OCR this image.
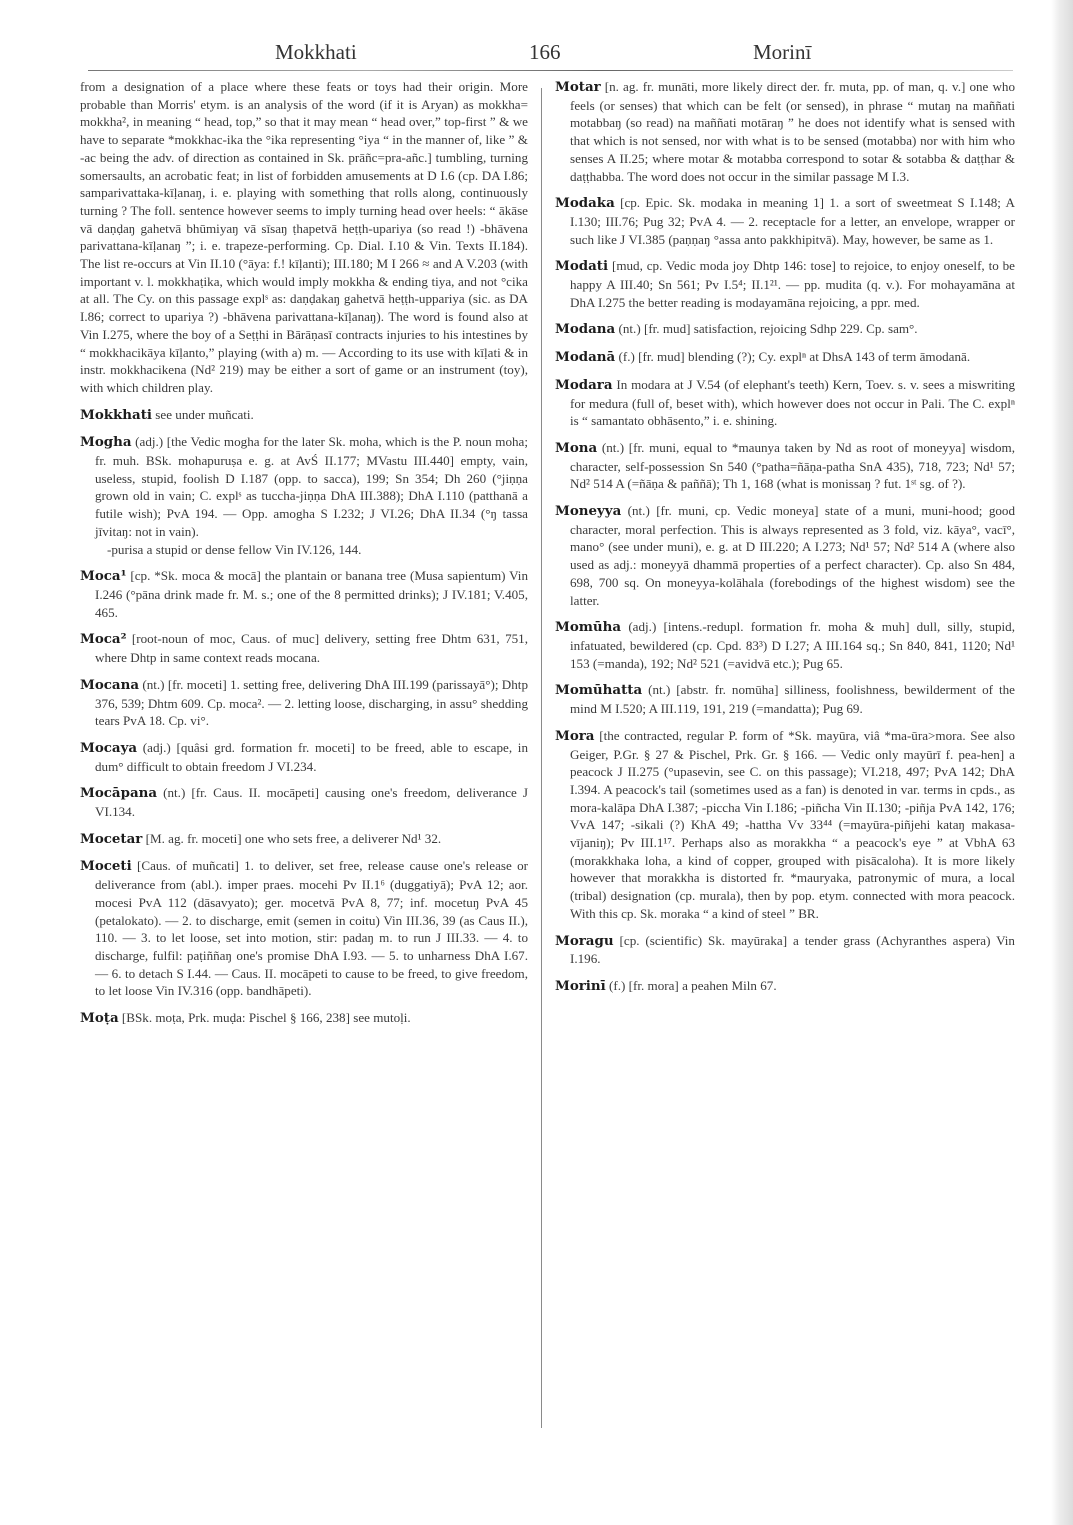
Mokkhati	166	Morinī

from a designation of a place where these feats or toys had their origin. More probable than Morris' etym. is an analysis of the word (if it is Aryan) as mokkha= mokkha², in meaning “ head, top,” so that it may mean “ head over,” top-first ” & we have to separate *mokkhac-ika the °ika representing °iya “ in the manner of, like ” & -ac being the adv. of direction as contained in Sk. prāñc=pra-añc.] tumbling, turning somersaults, an acrobatic feat; in list of forbidden amusements at D I.6 (cp. DA I.86; samparivattaka-kīḷanaŋ, i. e. playing with something that rolls along, continuously turning ? The foll. sentence however seems to imply turning head over heels: “ ākāse vā daṇḍaŋ gahetvā bhūmiyaŋ vā sīsaŋ ṭhapetvā heṭṭh-upariya (so read !) -bhāvena parivattana-kīḷanaŋ ”; i. e. trapeze-performing. Cp. Dial. I.10 & Vin. Texts II.184). The list re-occurs at Vin II.10 (°āya: f.! kīḷanti); III.180; M I 266 ≈ and A V.203 (with important v. l. mokkhaṭika, which would imply mokkha & ending tiya, and not °cika at all. The Cy. on this passage explˢ as: daṇḍakaŋ gahetvā heṭṭh-uppariya (sic. as DA I.86; correct to upariya ?) -bhāvena parivattana-kīḷanaŋ). The word is found also at Vin I.275, where the boy of a Seṭṭhi in Bārāṇasī contracts injuries to his intestines by “ mokkhacikāya kīḷanto,” playing (with a) m. — According to its use with kīḷati & in instr. mokkhacikena (Nd² 219) may be either a sort of game or an instrument (toy), with which children play.

Mokkhati see under muñcati.

Mogha (adj.) [the Vedic mogha for the later Sk. moha, which is the P. noun moha; fr. muh. BSk. mohapuruṣa e. g. at AvŚ II.177; MVastu III.440] empty, vain, useless, stupid, foolish D I.187 (opp. to sacca), 199; Sn 354; Dh 260 (°jiṇṇa grown old in vain; C. explˢ as tuccha-jiṇṇa DhA III.388); DhA I.110 (patthanā a futile wish); PvA 194. — Opp. amogha S I.232; J VI.26; DhA II.34 (°ŋ tassa jīvitaŋ: not in vain).
-purisa a stupid or dense fellow Vin IV.126, 144.

Moca¹ [cp. *Sk. moca & mocā] the plantain or banana tree (Musa sapientum) Vin I.246 (°pāna drink made fr. M. s.; one of the 8 permitted drinks); J IV.181; V.405, 465.

Moca² [root-noun of moc, Caus. of muc] delivery, setting free Dhtm 631, 751, where Dhtp in same context reads mocana.

Mocana (nt.) [fr. moceti] 1. setting free, delivering DhA III.199 (parissayā°); Dhtp 376, 539; Dhtm 609. Cp. moca². — 2. letting loose, discharging, in assu° shedding tears PvA 18. Cp. vi°.

Mocaya (adj.) [quâsi grd. formation fr. moceti] to be freed, able to escape, in dum° difficult to obtain freedom J VI.234.

Mocāpana (nt.) [fr. Caus. II. mocāpeti] causing one's freedom, deliverance J VI.134.

Mocetar [M. ag. fr. moceti] one who sets free, a deliverer Nd¹ 32.

Moceti [Caus. of muñcati] 1. to deliver, set free, release cause one's release or deliverance from (abl.). imper praes. mocehi Pv II.1⁶ (duggatiyā); PvA 12; aor. mocesi PvA 112 (dāsavyato); ger. mocetvā PvA 8, 77; inf. mocetuŋ PvA 45 (petalokato). — 2. to discharge, emit (semen in coitu) Vin III.36, 39 (as Caus II.), 110. — 3. to let loose, set into motion, stir: padaŋ m. to run J III.33. — 4. to discharge, fulfil: paṭiññaŋ one's promise DhA I.93. — 5. to unharness DhA I.67. — 6. to detach S I.44. — Caus. II. mocāpeti to cause to be freed, to give freedom, to let loose Vin IV.316 (opp. bandhāpeti).

Moṭa [BSk. moṭa, Prk. muḍa: Pischel § 166, 238] see mutoḷi.

Motar [n. ag. fr. munāti, more likely direct der. fr. muta, pp. of man, q. v.] one who feels (or senses) that which can be felt (or sensed), in phrase “ mutaŋ na maññati motabbaŋ (so read) na maññati motāraŋ ” he does not identify what is sensed with that which is not sensed, nor with what is to be sensed (motabba) nor with him who senses A II.25; where motar & motabba correspond to sotar & sotabba & daṭṭhar & daṭṭhabba. The word does not occur in the similar passage M I.3.

Modaka [cp. Epic. Sk. modaka in meaning 1] 1. a sort of sweetmeat S I.148; A I.130; III.76; Pug 32; PvA 4. — 2. receptacle for a letter, an envelope, wrapper or such like J VI.385 (paṇṇaŋ °assa anto pakkhipitvā). May, however, be same as 1.

Modati [mud, cp. Vedic moda joy Dhtp 146: tose] to rejoice, to enjoy oneself, to be happy A III.40; Sn 561; Pv I.5⁴; II.1²¹. — pp. mudita (q. v.). For mohayamāna at DhA I.275 the better reading is modayamāna rejoicing, a ppr. med.

Modana (nt.) [fr. mud] satisfaction, rejoicing Sdhp 229. Cp. sam°.

Modanā (f.) [fr. mud] blending (?); Cy. explⁿ at DhsA 143 of term āmodanā.

Modara In modara at J V.54 (of elephant's teeth) Kern, Toev. s. v. sees a miswriting for medura (full of, beset with), which however does not occur in Pali. The C. explⁿ is “ samantato obhāsento,” i. e. shining.

Mona (nt.) [fr. muni, equal to *maunya taken by Nd as root of moneyya] wisdom, character, self-possession Sn 540 (°patha=ñāṇa-patha SnA 435), 718, 723; Nd¹ 57; Nd² 514 A (=ñāṇa & paññā); Th 1, 168 (what is monissaŋ ? fut. 1ˢᵗ sg. of ?).

Moneyya (nt.) [fr. muni, cp. Vedic moneya] state of a muni, muni-hood; good character, moral perfection. This is always represented as 3 fold, viz. kāya°, vacī°, mano° (see under muni), e. g. at D III.220; A I.273; Nd¹ 57; Nd² 514 A (where also used as adj.: moneyyā dhammā properties of a perfect character). Cp. also Sn 484, 698, 700 sq. On moneyya-kolāhala (forebodings of the highest wisdom) see the latter.

Momūha (adj.) [intens.-redupl. formation fr. moha & muh] dull, silly, stupid, infatuated, bewildered (cp. Cpd. 83³) D I.27; A III.164 sq.; Sn 840, 841, 1120; Nd¹ 153 (=manda), 192; Nd² 521 (=avidvā etc.); Pug 65.

Momūhatta (nt.) [abstr. fr. nomūha] silliness, foolishness, bewilderment of the mind M I.520; A III.119, 191, 219 (=mandatta); Pug 69.

Mora [the contracted, regular P. form of *Sk. mayūra, viâ *ma-ūra>mora. See also Geiger, P.Gr. § 27 & Pischel, Prk. Gr. § 166. — Vedic only mayūrī f. pea-hen] a peacock J II.275 (°upasevin, see C. on this passage); VI.218, 497; PvA 142; DhA I.394. A peacock's tail (sometimes used as a fan) is denoted in var. terms in cpds., as mora-kalāpa DhA I.387; -piccha Vin I.186; -piñcha Vin II.130; -piñja PvA 142, 176; VvA 147; -sikali (?) KhA 49; -hattha Vv 33⁴⁴ (=mayūra-piñjehi kataŋ makasa-vījaniŋ); Pv III.1¹⁷. Perhaps also as morakkha “ a peacock's eye ” at VbhA 63 (morakkhaka loha, a kind of copper, grouped with pisācaloha). It is more likely however that morakkha is distorted fr. *mauryaka, patronymic of mura, a local (tribal) designation (cp. murala), then by pop. etym. connected with mora peacock. With this cp. Sk. moraka “ a kind of steel ” BR.

Moragu [cp. (scientific) Sk. mayūraka] a tender grass (Achyranthes aspera) Vin I.196.

Morinī (f.) [fr. mora] a peahen Miln 67.
